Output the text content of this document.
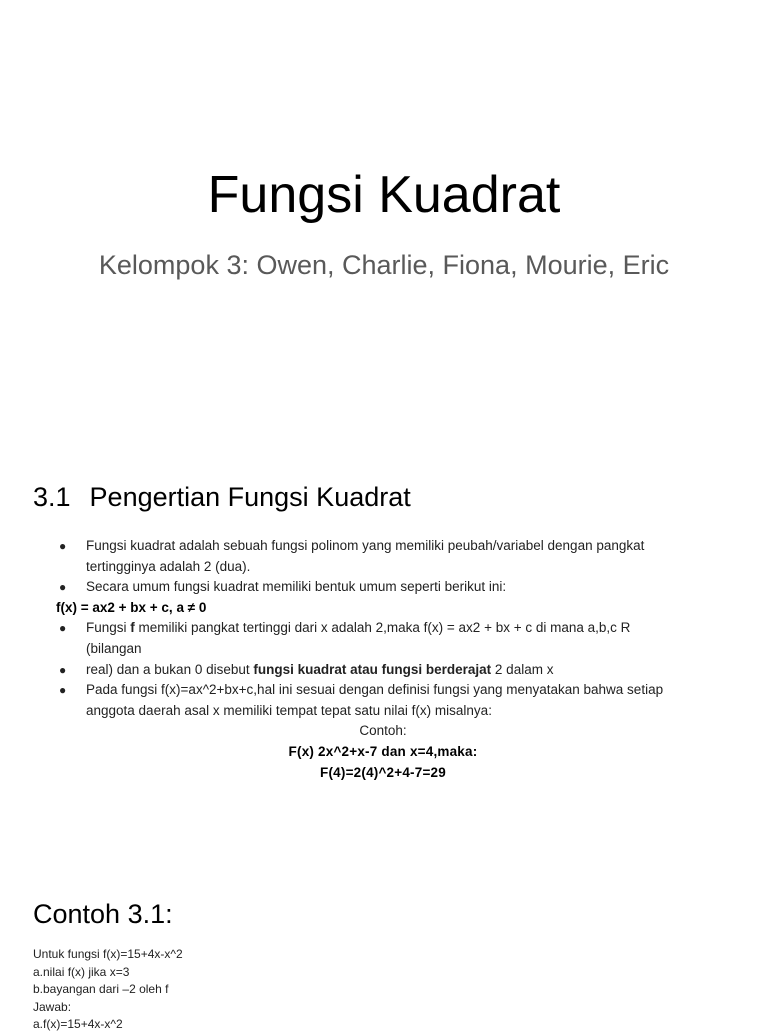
Fungsi Kuadrat
Kelompok 3: Owen, Charlie, Fiona, Mourie, Eric
3.1 Pengertian Fungsi Kuadrat
● Fungsi kuadrat adalah sebuah fungsi polinom yang memiliki peubah/variabel dengan pangkat
tertingginya adalah 2 (dua).
● Secara umum fungsi kuadrat memiliki bentuk umum seperti berikut ini:
f(x) = ax2 + bx + c, a ≠ 0
● Fungsi f memiliki pangkat tertinggi dari x adalah 2,maka f(x) = ax2 + bx + c di mana a,b,c R
(bilangan
● real) dan a bukan 0 disebut fungsi kuadrat atau fungsi berderajat 2 dalam x
● Pada fungsi f(x)=ax^2+bx+c,hal ini sesuai dengan definisi fungsi yang menyatakan bahwa setiap
anggota daerah asal x memiliki tempat tepat satu nilai f(x) misalnya:
Contoh:
F(x) 2x^2+x-7 dan x=4,maka:
F(4)=2(4)^2+4-7=29
Contoh 3.1:
Untuk fungsi f(x)=15+4x-x^2
a.nilai f(x) jika x=3
b.bayangan dari –2 oleh f
Jawab:
a.f(x)=15+4x-x^2
